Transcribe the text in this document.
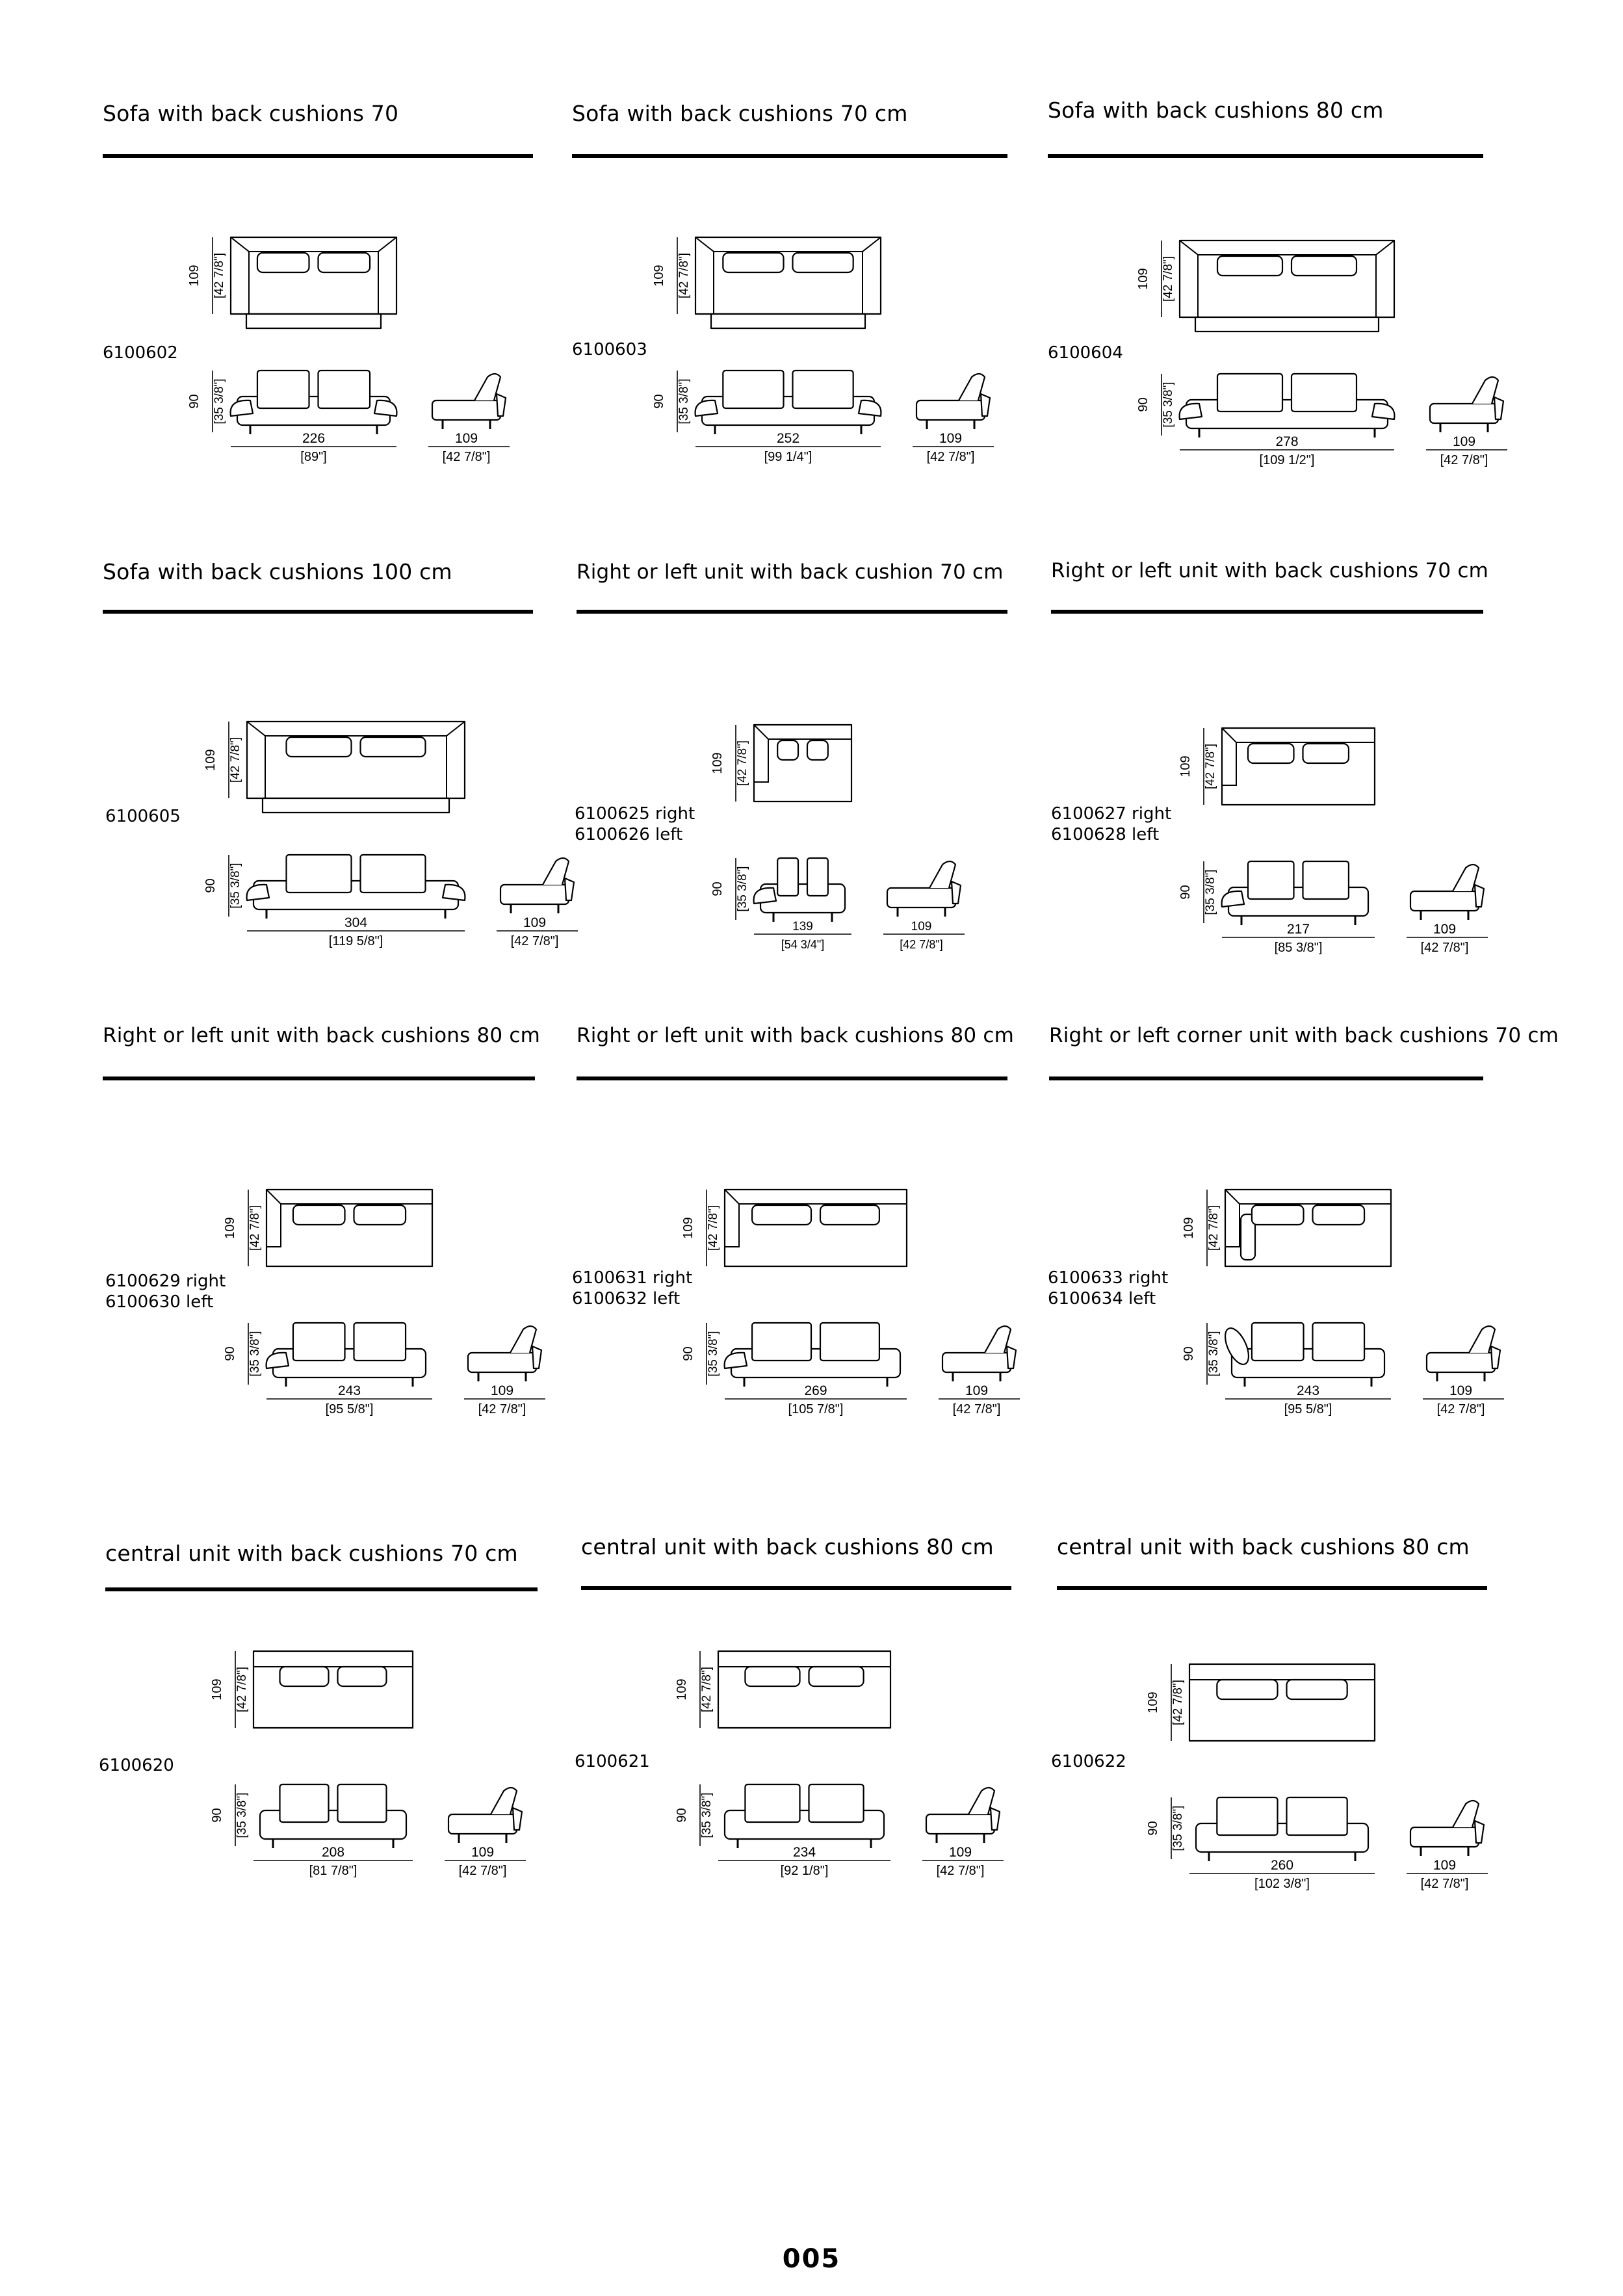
Sofa with back cushions 70	Sofa with back cushions 70 cm	Sofa with back cushions 80 cm
Sofa with back cushions 100 cm	Right or left unit with back cushion 70 cm Right or left unit with back cushions 70 cm
Right or left unit with back cushions 80 cm Right or left unit with back cushions 80 cm Right or left corner unit with back cushions 70 cm
central unit with back cushions 70 cm	central unit with back cushions 80 cm	central unit with back cushions 80 cm
6100602	6100603	6100604
6100605	6100625 right
6100626 left
6100627 right
6100628 left
6100629 right
6100630 left
6100631 right
6100632 left
6100633 right
6100634 left
6100620	6100621	6100622
109 [42 7/8"]
90 [35 3/8"]
226
[89"]
109
[42 7/8"]
109 [42 7/8"]
90 [35 3/8"]
252
[99 1/4"]
109
[42 7/8"]
109 [42 7/8"]
90 [35 3/8"]
278
[109 1/2"]
109
[42 7/8"]
109 [42 7/8"]
90 [35 3/8"]
304
[119 5/8"]
109
[42 7/8"]
109 [42 7/8"]
90 [35 3/8"]
139
[54 3/4"]
109
[42 7/8"]
109 [42 7/8"]
90 [35 3/8"]
217
[85 3/8"]
109
[42 7/8"]
109 [42 7/8"]
90 [35 3/8"]
243
[95 5/8"]
109
[42 7/8"]
109 [42 7/8"]
90 [35 3/8"]
269
[105 7/8"]
109
[42 7/8"]
109 [42 7/8"]
90 [35 3/8"]
243
[95 5/8"]
109
[42 7/8"]
109 [42 7/8"]
90 [35 3/8"]
208
[81 7/8"]
109
[42 7/8"]
109 [42 7/8"]
90 [35 3/8"]
234
[92 1/8"]
109
[42 7/8"]
109 [42 7/8"]
90 [35 3/8"]
260
[102 3/8"]
109
[42 7/8"]
005
